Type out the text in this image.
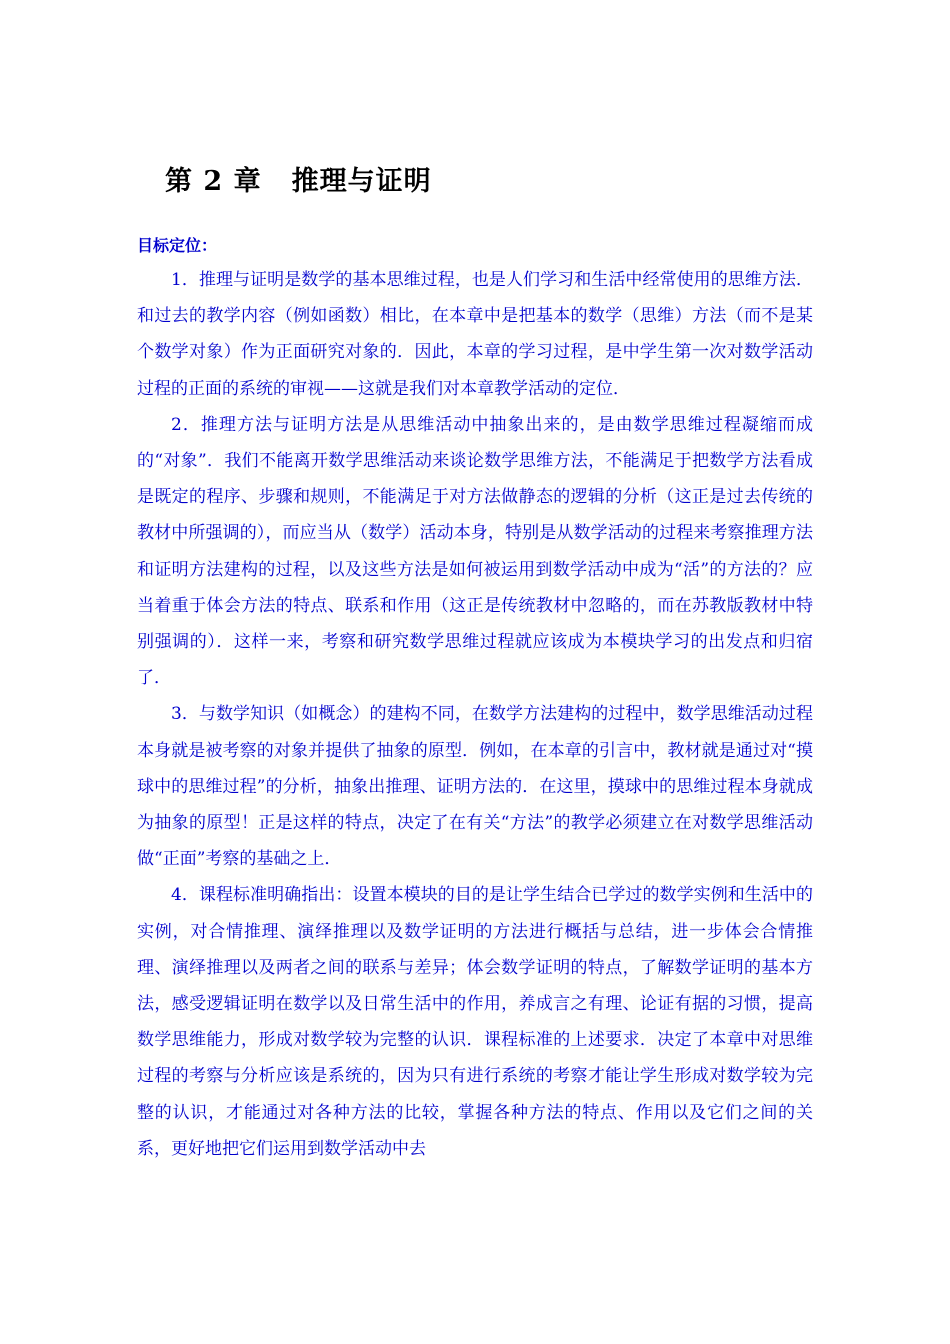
第 2 章 推理与证明
目标定位：

1．推理与证明是数学的基本思维过程，也是人们学习和生活中经常使用的思维方法．和过去的教学内容（例如函数）相比，在本章中是把基本的数学（思维）方法（而不是某个数学对象）作为正面研究对象的．因此，本章的学习过程，是中学生第一次对数学活动过程的正面的系统的审视——这就是我们对本章教学活动的定位．

2．推理方法与证明方法是从思维活动中抽象出来的，是由数学思维过程凝缩而成的“对象”．我们不能离开数学思维活动来谈论数学思维方法，不能满足于把数学方法看成是既定的程序、步骤和规则，不能满足于对方法做静态的逻辑的分析（这正是过去传统的教材中所强调的），而应当从（数学）活动本身，特别是从数学活动的过程来考察推理方法和证明方法建构的过程，以及这些方法是如何被运用到数学活动中成为“活”的方法的？应当着重于体会方法的特点、联系和作用（这正是传统教材中忽略的，而在苏教版教材中特别强调的）．这样一来，考察和研究数学思维过程就应该成为本模块学习的出发点和归宿了．

3．与数学知识（如概念）的建构不同，在数学方法建构的过程中，数学思维活动过程本身就是被考察的对象并提供了抽象的原型．例如，在本章的引言中，教材就是通过对“摸球中的思维过程”的分析，抽象出推理、证明方法的．在这里，摸球中的思维过程本身就成为抽象的原型！正是这样的特点，决定了在有关“方法”的教学必须建立在对数学思维活动做“正面”考察的基础之上．

4．课程标准明确指出：设置本模块的目的是让学生结合已学过的数学实例和生活中的实例，对合情推理、演绎推理以及数学证明的方法进行概括与总结，进一步体会合情推理、演绎推理以及两者之间的联系与差异；体会数学证明的特点，了解数学证明的基本方法，感受逻辑证明在数学以及日常生活中的作用，养成言之有理、论证有据的习惯，提高数学思维能力，形成对数学较为完整的认识．课程标准的上述要求．决定了本章中对思维过程的考察与分析应该是系统的，因为只有进行系统的考察才能让学生形成对数学较为完整的认识，才能通过对各种方法的比较，掌握各种方法的特点、作用以及它们之间的关系，更好地把它们运用到数学活动中去
